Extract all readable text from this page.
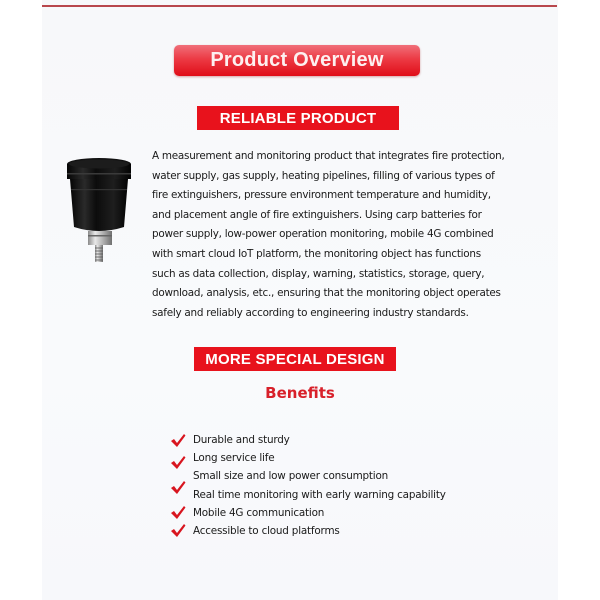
Product Overview
RELIABLE PRODUCT
A measurement and monitoring product that integrates fire protection,
water supply, gas supply, heating pipelines, filling of various types of
fire extinguishers, pressure environment temperature and humidity,
and placement angle of fire extinguishers. Using carp batteries for
power supply, low-power operation monitoring, mobile 4G combined
with smart cloud IoT platform, the monitoring object has functions
such as data collection, display, warning, statistics, storage, query,
download, analysis, etc., ensuring that the monitoring object operates
safely and reliably according to engineering industry standards.
MORE SPECIAL DESIGN
Benefits
Durable and sturdy
Long service life
Small size and low power consumption
Real time monitoring with early warning capability
Mobile 4G communication
Accessible to cloud platforms
